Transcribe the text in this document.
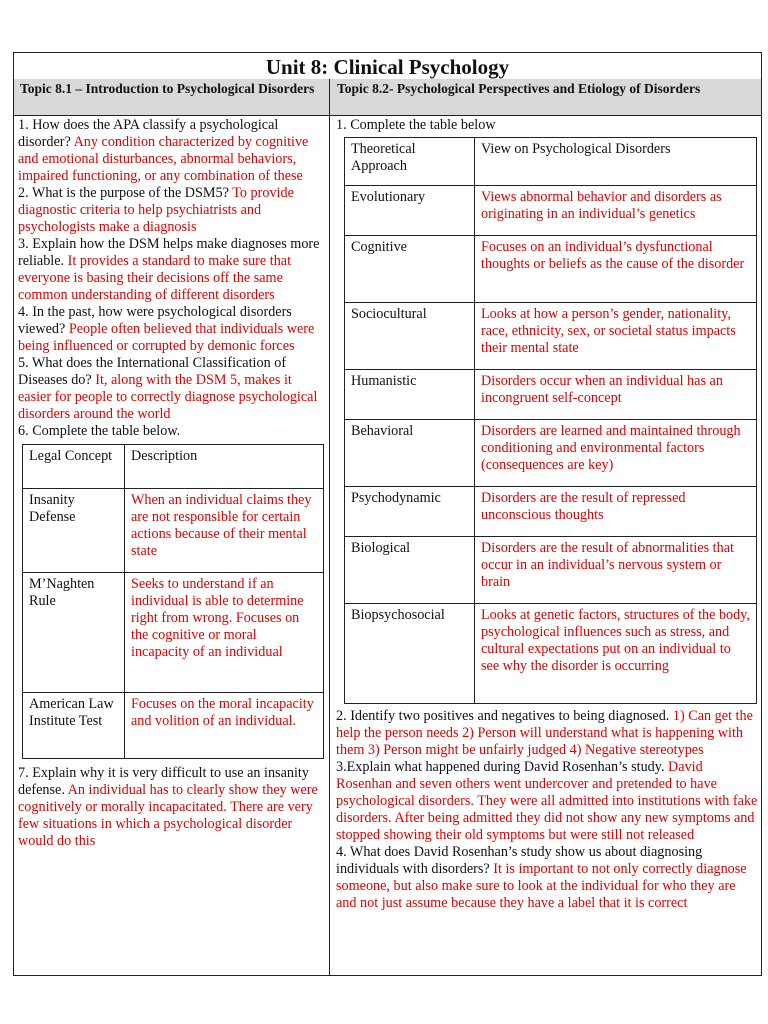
Unit 8: Clinical Psychology
Topic 8.1 – Introduction to Psychological Disorders	Topic 8.2- Psychological Perspectives and Etiology of Disorders

1. How does the APA classify a psychological disorder? Any condition characterized by cognitive and emotional disturbances, abnormal behaviors, impaired functioning, or any combination of these

2. What is the purpose of the DSM5? To provide diagnostic criteria to help psychiatrists and psychologists make a diagnosis

3. Explain how the DSM helps make diagnoses more reliable. It provides a standard to make sure that everyone is basing their decisions off the same common understanding of different disorders

4. In the past, how were psychological disorders viewed? People often believed that individuals were being influenced or corrupted by demonic forces

5. What does the International Classification of Diseases do? It, along with the DSM 5, makes it easier for people to correctly diagnose psychological disorders around the world

6. Complete the table below.

Legal Concept	Description
Insanity Defense	When an individual claims they are not responsible for certain actions because of their mental state
M’Naghten Rule	Seeks to understand if an individual is able to determine right from wrong. Focuses on the cognitive or moral incapacity of an individual
American Law Institute Test	Focuses on the moral incapacity and volition of an individual.

7. Explain why it is very difficult to use an insanity defense. An individual has to clearly show they were cognitively or morally incapacitated. There are very few situations in which a psychological disorder would do this

1. Complete the table below

Theoretical Approach	View on Psychological Disorders
Evolutionary	Views abnormal behavior and disorders as originating in an individual’s genetics
Cognitive	Focuses on an individual’s dysfunctional thoughts or beliefs as the cause of the disorder
Sociocultural	Looks at how a person’s gender, nationality, race, ethnicity, sex, or societal status impacts their mental state
Humanistic	Disorders occur when an individual has an incongruent self-concept
Behavioral	Disorders are learned and maintained through conditioning and environmental factors (consequences are key)
Psychodynamic	Disorders are the result of repressed unconscious thoughts
Biological	Disorders are the result of abnormalities that occur in an individual’s nervous system or brain
Biopsychosocial	Looks at genetic factors, structures of the body, psychological influences such as stress, and cultural expectations put on an individual to see why the disorder is occurring

2. Identify two positives and negatives to being diagnosed. 1) Can get the help the person needs 2) Person will understand what is happening with them 3) Person might be unfairly judged 4) Negative stereotypes

3.Explain what happened during David Rosenhan’s study. David Rosenhan and seven others went undercover and pretended to have psychological disorders. They were all admitted into institutions with fake disorders. After being admitted they did not show any new symptoms and stopped showing their old symptoms but were still not released

4. What does David Rosenhan’s study show us about diagnosing individuals with disorders? It is important to not only correctly diagnose someone, but also make sure to look at the individual for who they are and not just assume because they have a label that it is correct
